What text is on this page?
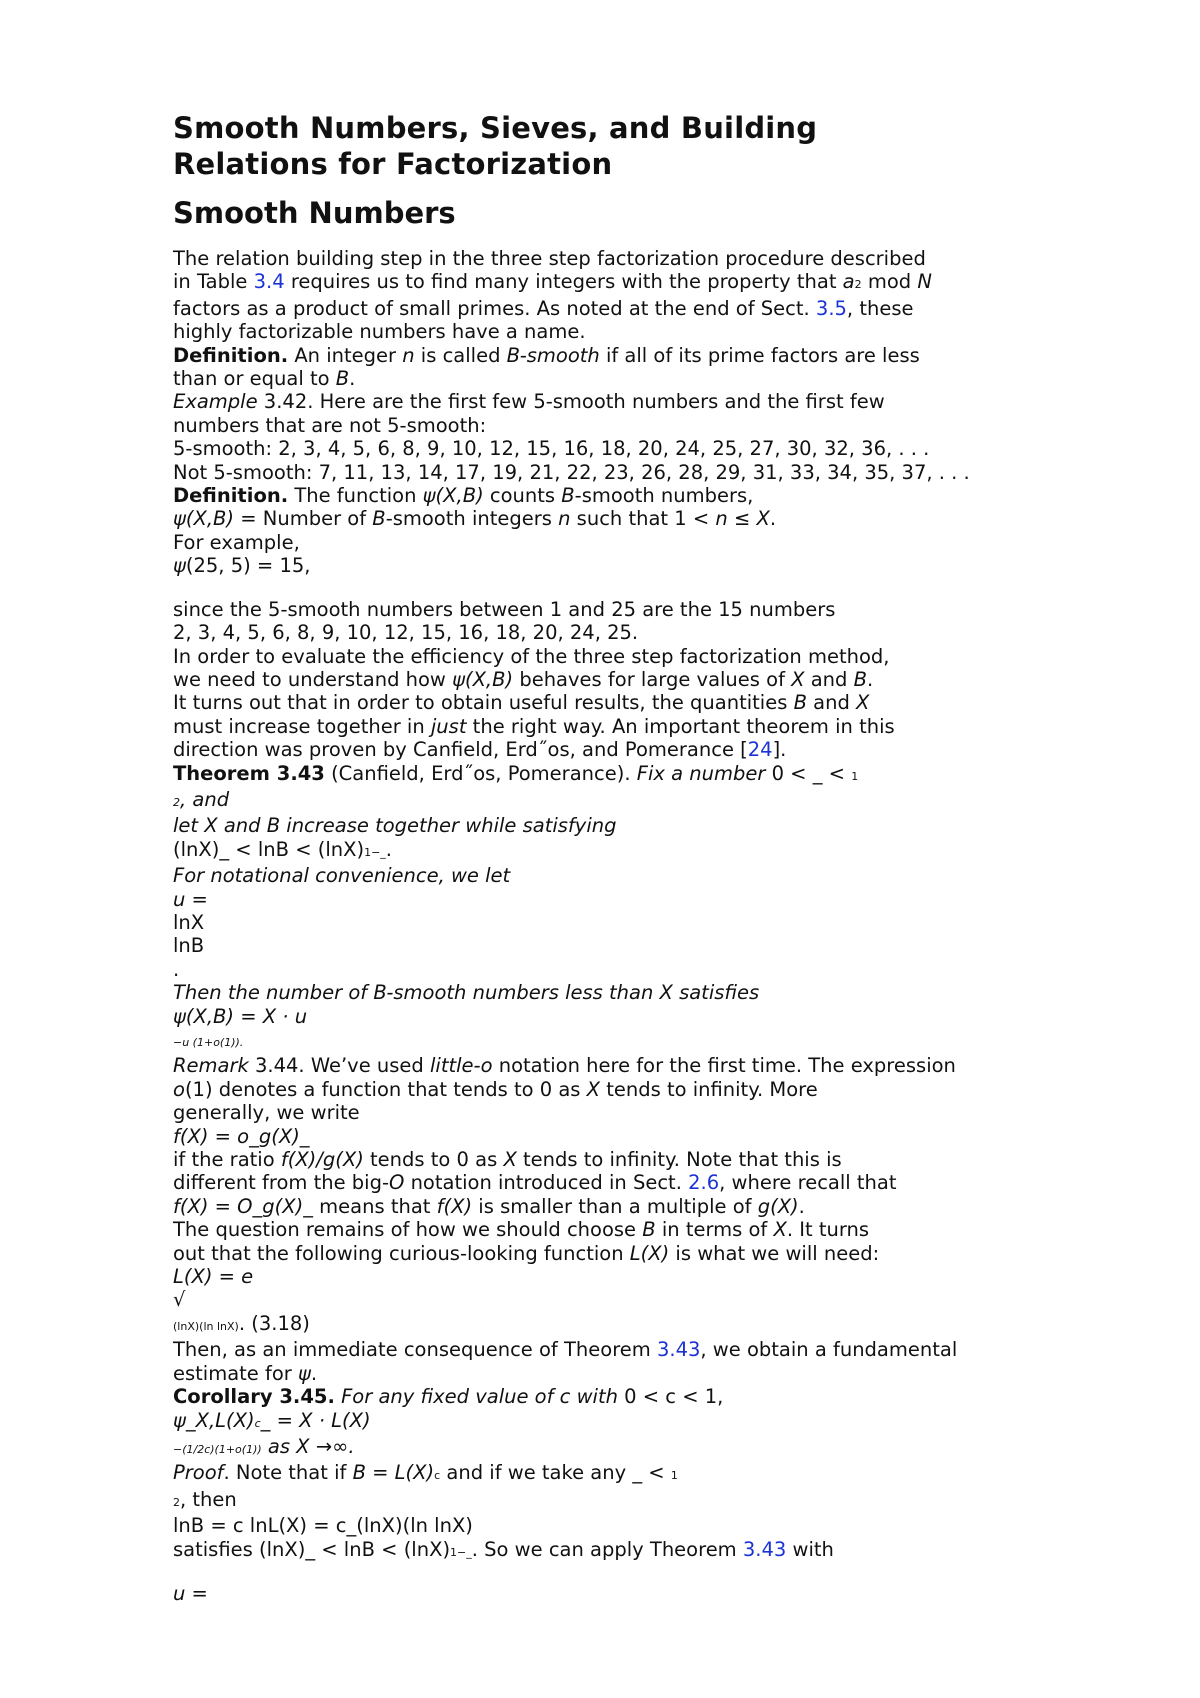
Smooth Numbers, Sieves, and Building
Relations for Factorization
Smooth Numbers
The relation building step in the three step factorization procedure described
in Table 3.4 requires us to find many integers with the property that a2 mod N
factors as a product of small primes. As noted at the end of Sect. 3.5, these
highly factorizable numbers have a name.
Definition. An integer n is called B-smooth if all of its prime factors are less
than or equal to B.
Example 3.42. Here are the first few 5-smooth numbers and the first few
numbers that are not 5-smooth:
5-smooth: 2, 3, 4, 5, 6, 8, 9, 10, 12, 15, 16, 18, 20, 24, 25, 27, 30, 32, 36, . . .
Not 5-smooth: 7, 11, 13, 14, 17, 19, 21, 22, 23, 26, 28, 29, 31, 33, 34, 35, 37, . . .
Definition. The function ψ(X,B) counts B-smooth numbers,
ψ(X,B) = Number of B-smooth integers n such that 1 < n ≤ X.
For example,
ψ(25, 5) = 15,
since the 5-smooth numbers between 1 and 25 are the 15 numbers
2, 3, 4, 5, 6, 8, 9, 10, 12, 15, 16, 18, 20, 24, 25.
In order to evaluate the efficiency of the three step factorization method,
we need to understand how ψ(X,B) behaves for large values of X and B.
It turns out that in order to obtain useful results, the quantities B and X
must increase together in just the right way. An important theorem in this
direction was proven by Canfield, Erd˝os, and Pomerance [24].
Theorem 3.43 (Canfield, Erd˝os, Pomerance). Fix a number 0 < _ < 1
2, and
let X and B increase together while satisfying
(lnX)_ < lnB < (lnX)1−_.
For notational convenience, we let
u =
lnX
lnB
.
Then the number of B-smooth numbers less than X satisfies
ψ(X,B) = X · u
−u (1+o(1)).
Remark 3.44. We’ve used little-o notation here for the first time. The expression
o(1) denotes a function that tends to 0 as X tends to infinity. More
generally, we write
f(X) = o_g(X)_
if the ratio f(X)/g(X) tends to 0 as X tends to infinity. Note that this is
different from the big-O notation introduced in Sect. 2.6, where recall that
f(X) = O_g(X)_ means that f(X) is smaller than a multiple of g(X).
The question remains of how we should choose B in terms of X. It turns
out that the following curious-looking function L(X) is what we will need:
L(X) = e
√
(lnX)(ln lnX). (3.18)
Then, as an immediate consequence of Theorem 3.43, we obtain a fundamental
estimate for ψ.
Corollary 3.45. For any fixed value of c with 0 < c < 1,
ψ_X,L(X)c_ = X · L(X)
−(1/2c)(1+o(1)) as X →∞.
Proof. Note that if B = L(X)c and if we take any _ < 1
2, then
lnB = c lnL(X) = c_(lnX)(ln lnX)
satisfies (lnX)_ < lnB < (lnX)1−_. So we can apply Theorem 3.43 with
u =
